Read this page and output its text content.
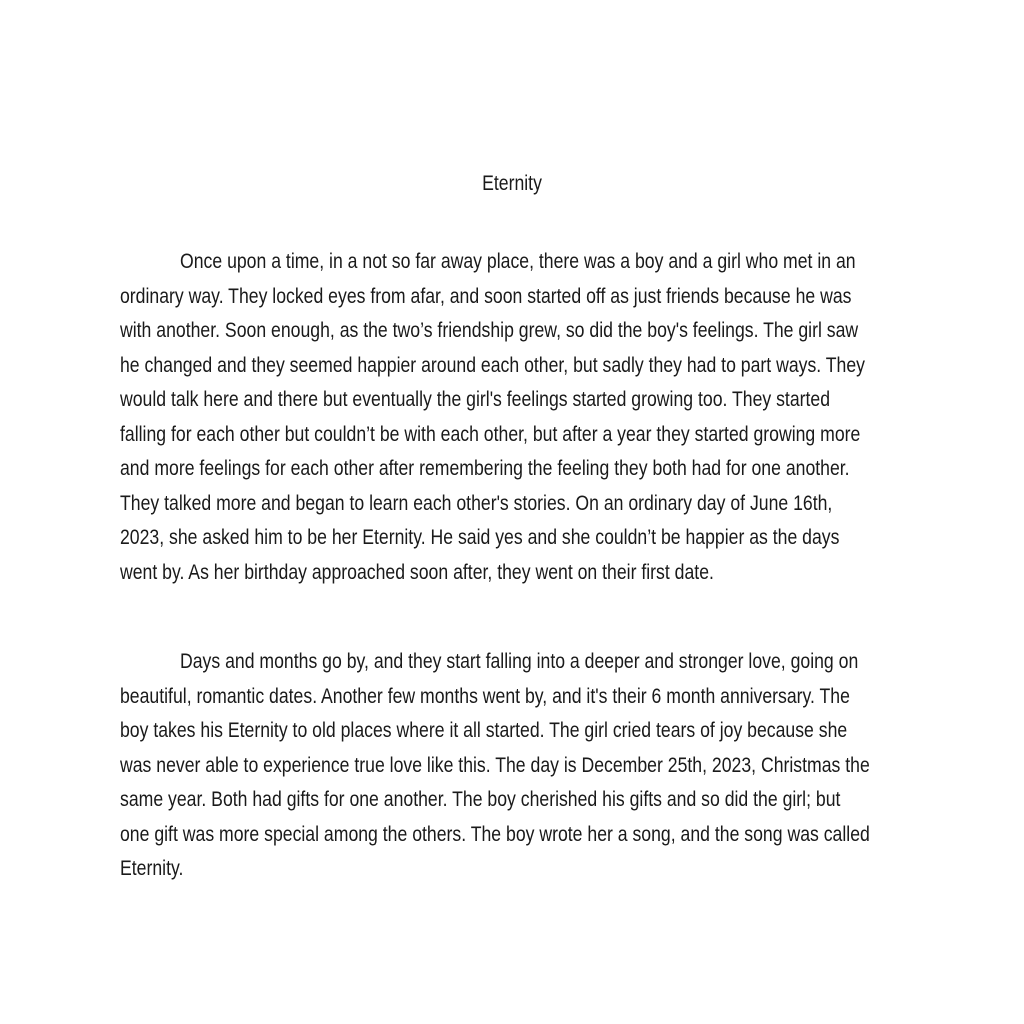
Eternity
Once upon a time, in a not so far away place, there was a boy and a girl who met in an
ordinary way. They locked eyes from afar, and soon started off as just friends because he was
with another. Soon enough, as the two’s friendship grew, so did the boy's feelings. The girl saw
he changed and they seemed happier around each other, but sadly they had to part ways. They
would talk here and there but eventually the girl's feelings started growing too. They started
falling for each other but couldn’t be with each other, but after a year they started growing more
and more feelings for each other after remembering the feeling they both had for one another.
They talked more and began to learn each other's stories. On an ordinary day of June 16th,
2023, she asked him to be her Eternity. He said yes and she couldn’t be happier as the days
went by. As her birthday approached soon after, they went on their first date.
Days and months go by, and they start falling into a deeper and stronger love, going on
beautiful, romantic dates. Another few months went by, and it's their 6 month anniversary. The
boy takes his Eternity to old places where it all started. The girl cried tears of joy because she
was never able to experience true love like this. The day is December 25th, 2023, Christmas the
same year. Both had gifts for one another. The boy cherished his gifts and so did the girl; but
one gift was more special among the others. The boy wrote her a song, and the song was called
Eternity.
